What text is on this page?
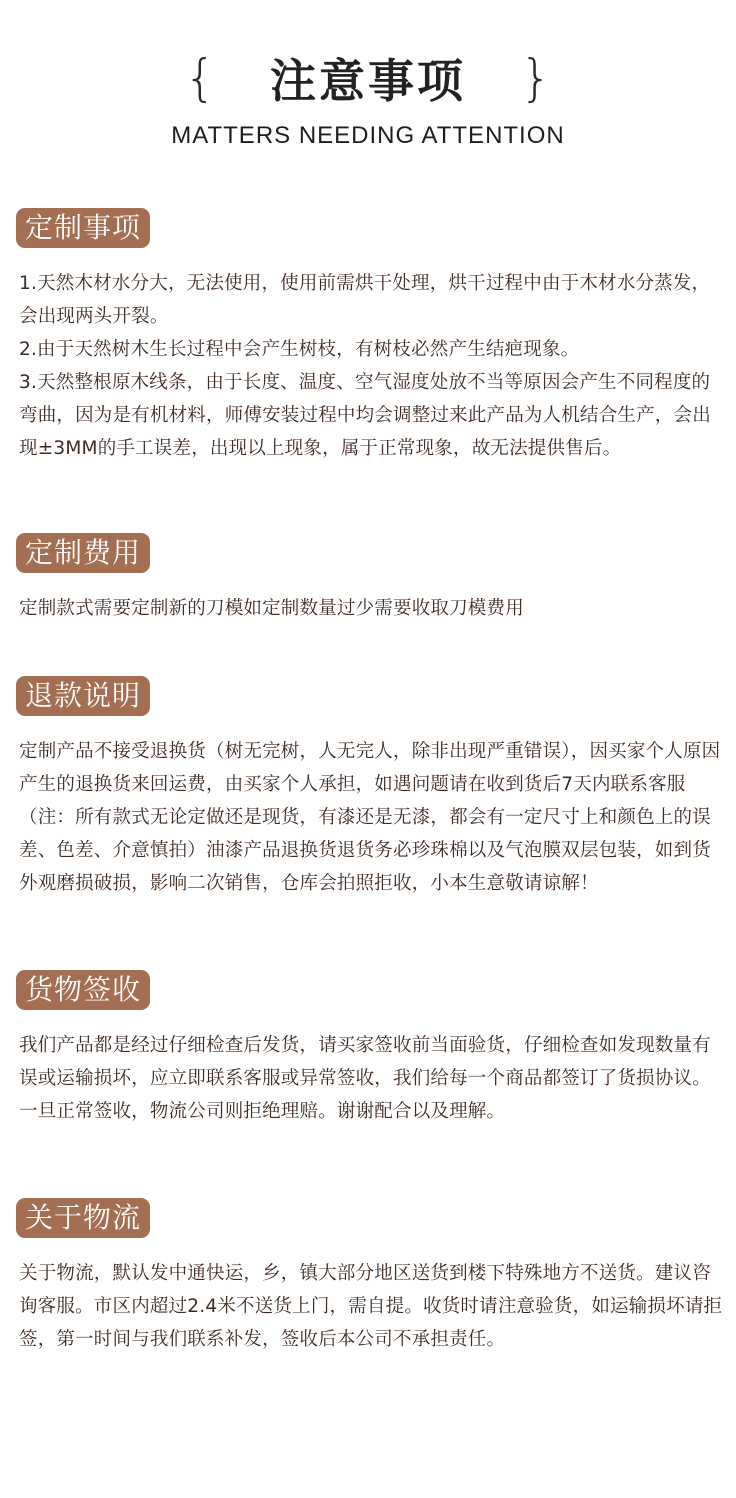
{ 注意事项 }
MATTERS NEEDING ATTENTION
定制事项

1.天然木材水分大，无法使用，使用前需烘干处理，烘干过程中由于木材水分蒸发，会出现两头开裂。

2.由于天然树木生长过程中会产生树枝，有树枝必然产生结疤现象。

3.天然整根原木线条，由于长度、温度、空气湿度处放不当等原因会产生不同程度的弯曲，因为是有机材料，师傅安装过程中均会调整过来此产品为人机结合生产，会出现±3MM的手工误差，出现以上现象，属于正常现象，故无法提供售后。

定制费用

定制款式需要定制新的刀模如定制数量过少需要收取刀模费用

退款说明

定制产品不接受退换货（树无完树，人无完人，除非出现严重错误），因买家个人原因产生的退换货来回运费，由买家个人承担，如遇问题请在收到货后7天内联系客服（注：所有款式无论定做还是现货，有漆还是无漆，都会有一定尺寸上和颜色上的误差、色差、介意慎拍）油漆产品退换货退货务必珍珠棉以及气泡膜双层包装，如到货外观磨损破损，影响二次销售，仓库会拍照拒收，小本生意敬请谅解！

货物签收

我们产品都是经过仔细检查后发货，请买家签收前当面验货，仔细检查如发现数量有误或运输损坏，应立即联系客服或异常签收，我们给每一个商品都签订了货损协议。一旦正常签收，物流公司则拒绝理赔。谢谢配合以及理解。

关于物流

关于物流，默认发中通快运，乡，镇大部分地区送货到楼下特殊地方不送货。建议咨询客服。市区内超过2.4米不送货上门，需自提。收货时请注意验货，如运输损坏请拒签，第一时间与我们联系补发，签收后本公司不承担责任。
